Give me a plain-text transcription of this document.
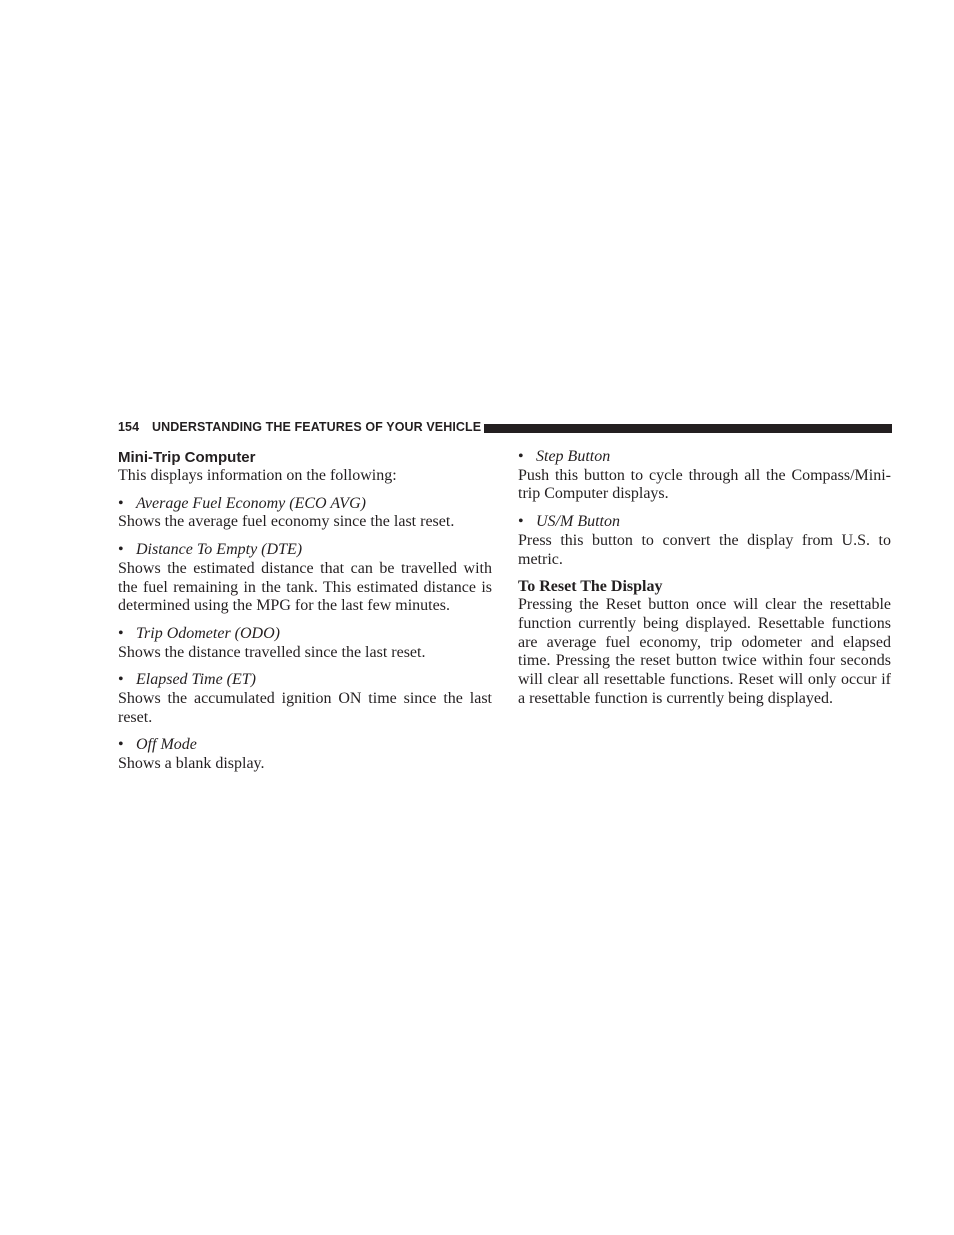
154 UNDERSTANDING THE FEATURES OF YOUR VEHICLE
Mini-Trip Computer

This displays information on the following:

• Average Fuel Economy (ECO AVG)

Shows the average fuel economy since the last reset.

• Distance To Empty (DTE)

Shows the estimated distance that can be travelled with the fuel remaining in the tank. This estimated distance is determined using the MPG for the last few minutes.

• Trip Odometer (ODO)

Shows the distance travelled since the last reset.

• Elapsed Time (ET)

Shows the accumulated ignition ON time since the last reset.

• Off Mode

Shows a blank display.

• Step Button

Push this button to cycle through all the Compass/Mini-trip Computer displays.

• US/M Button

Press this button to convert the display from U.S. to metric.

To Reset The Display

Pressing the Reset button once will clear the resettable function currently being displayed. Resettable functions are average fuel economy, trip odometer and elapsed time. Pressing the reset button twice within four seconds will clear all resettable functions. Reset will only occur if a resettable function is currently being displayed.
